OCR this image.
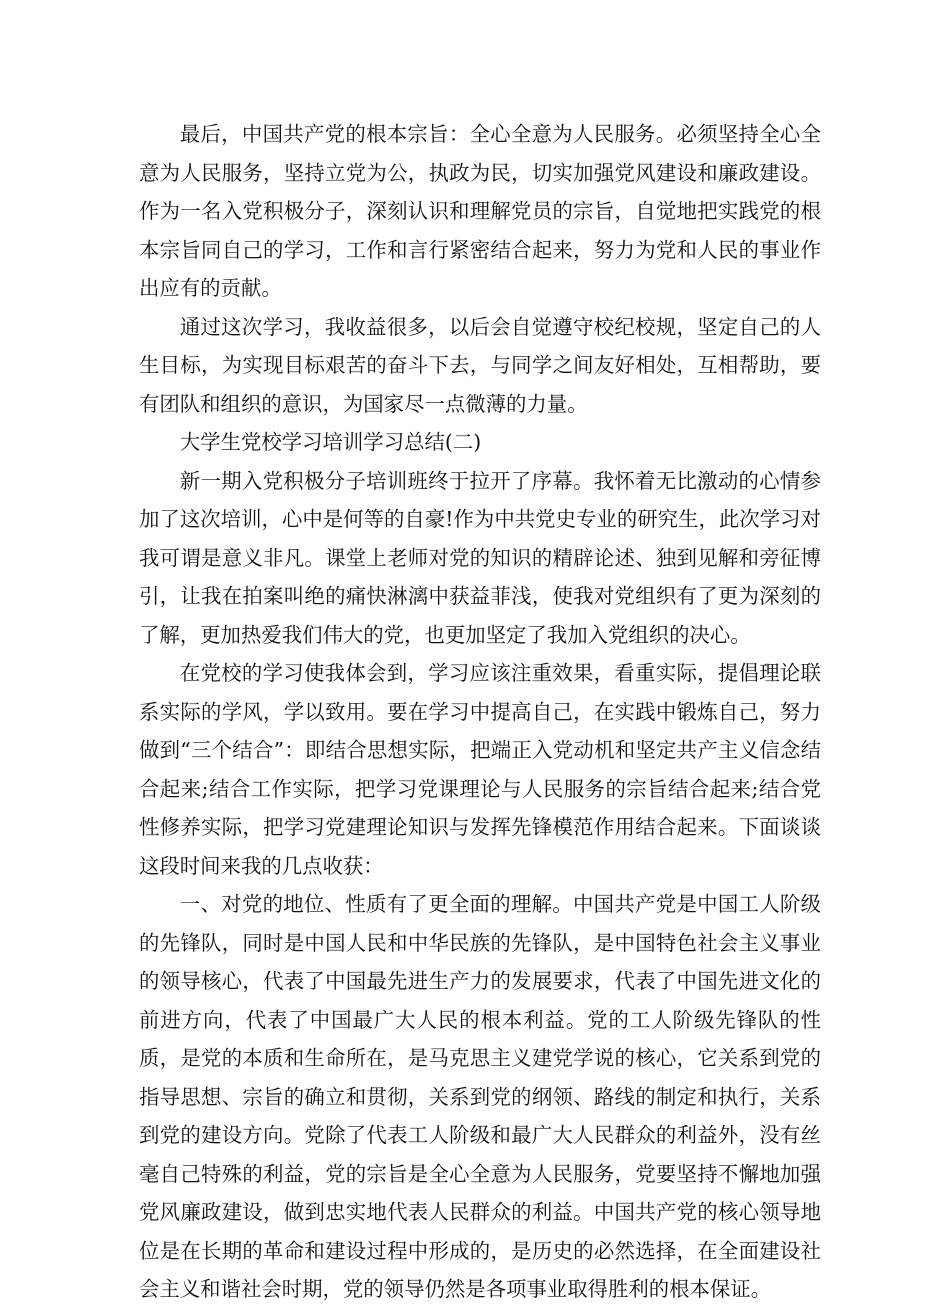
最后，中国共产党的根本宗旨：全心全意为人民服务。必须坚持全心全意为人民服务，坚持立党为公，执政为民，切实加强党风建设和廉政建设。作为一名入党积极分子，深刻认识和理解党员的宗旨，自觉地把实践党的根本宗旨同自己的学习，工作和言行紧密结合起来，努力为党和人民的事业作出应有的贡献。

通过这次学习，我收益很多，以后会自觉遵守校纪校规，坚定自己的人生目标，为实现目标艰苦的奋斗下去，与同学之间友好相处，互相帮助，要有团队和组织的意识，为国家尽一点微薄的力量。

大学生党校学习培训学习总结(二)

新一期入党积极分子培训班终于拉开了序幕。我怀着无比激动的心情参加了这次培训，心中是何等的自豪!作为中共党史专业的研究生，此次学习对我可谓是意义非凡。课堂上老师对党的知识的精辟论述、独到见解和旁征博引，让我在拍案叫绝的痛快淋漓中获益菲浅，使我对党组织有了更为深刻的了解，更加热爱我们伟大的党，也更加坚定了我加入党组织的决心。

在党校的学习使我体会到，学习应该注重效果，看重实际，提倡理论联系实际的学风，学以致用。要在学习中提高自己，在实践中锻炼自己，努力做到“三个结合”：即结合思想实际，把端正入党动机和坚定共产主义信念结合起来;结合工作实际，把学习党课理论与人民服务的宗旨结合起来;结合党性修养实际，把学习党建理论知识与发挥先锋模范作用结合起来。下面谈谈这段时间来我的几点收获：

一、对党的地位、性质有了更全面的理解。中国共产党是中国工人阶级的先锋队，同时是中国人民和中华民族的先锋队，是中国特色社会主义事业的领导核心，代表了中国最先进生产力的发展要求，代表了中国先进文化的前进方向，代表了中国最广大人民的根本利益。党的工人阶级先锋队的性质，是党的本质和生命所在，是马克思主义建党学说的核心，它关系到党的指导思想、宗旨的确立和贯彻，关系到党的纲领、路线的制定和执行，关系到党的建设方向。党除了代表工人阶级和最广大人民群众的利益外，没有丝毫自己特殊的利益，党的宗旨是全心全意为人民服务，党要坚持不懈地加强党风廉政建设，做到忠实地代表人民群众的利益。中国共产党的核心领导地位是在长期的革命和建设过程中形成的，是历史的必然选择，在全面建设社会主义和谐社会时期，党的领导仍然是各项事业取得胜利的根本保证。
